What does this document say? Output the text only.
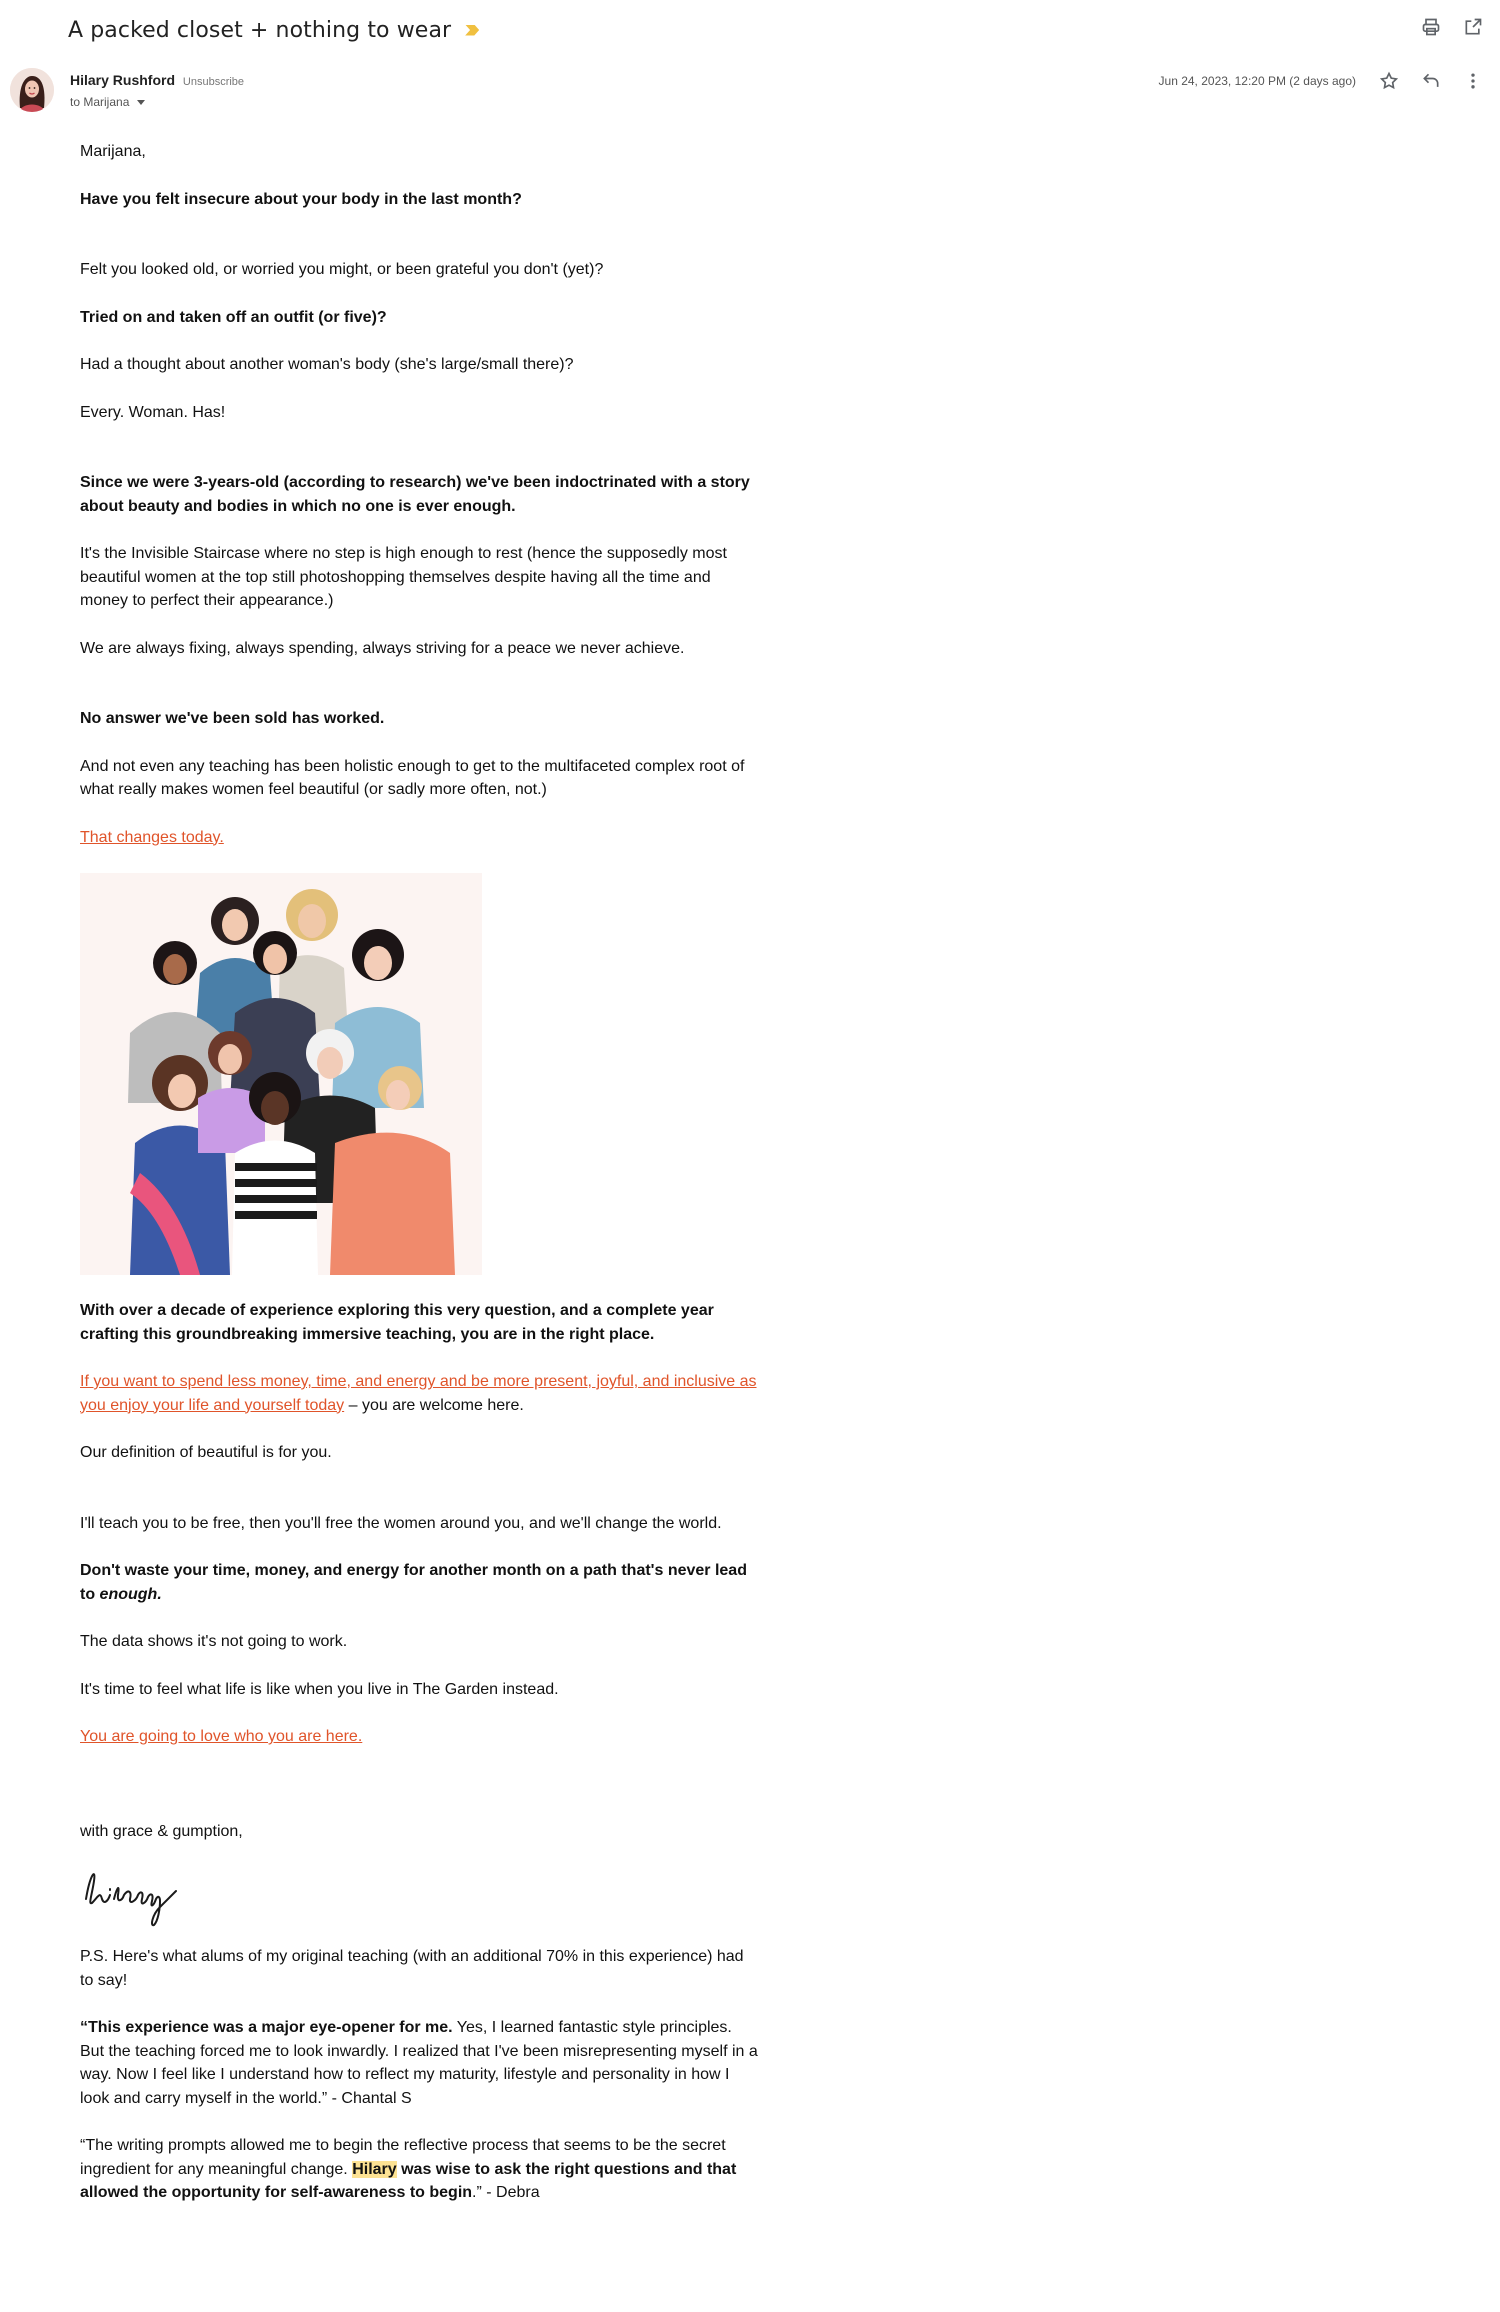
A packed closet + nothing to wear
Hilary Rushford Unsubscribe
to Marijana
Jun 24, 2023, 12:20 PM (2 days ago)

Marijana,

Have you felt insecure about your body in the last month?

Felt you looked old, or worried you might, or been grateful you don't (yet)?

Tried on and taken off an outfit (or five)?

Had a thought about another woman's body (she's large/small there)?

Every. Woman. Has!

Since we were 3-years-old (according to research) we've been indoctrinated with a story about beauty and bodies in which no one is ever enough.

It's the Invisible Staircase where no step is high enough to rest (hence the supposedly most beautiful women at the top still photoshopping themselves despite having all the time and money to perfect their appearance.)

We are always fixing, always spending, always striving for a peace we never achieve.

No answer we've been sold has worked.

And not even any teaching has been holistic enough to get to the multifaceted complex root of what really makes women feel beautiful (or sadly more often, not.)

That changes today.

With over a decade of experience exploring this very question, and a complete year crafting this groundbreaking immersive teaching, you are in the right place.

If you want to spend less money, time, and energy and be more present, joyful, and inclusive as you enjoy your life and yourself today – you are welcome here.

Our definition of beautiful is for you.

I'll teach you to be free, then you'll free the women around you, and we'll change the world.

Don't waste your time, money, and energy for another month on a path that's never lead to enough.

The data shows it's not going to work.

It's time to feel what life is like when you live in The Garden instead.

You are going to love who you are here.

with grace & gumption,

P.S. Here's what alums of my original teaching (with an additional 70% in this experience) had to say!

“This experience was a major eye-opener for me. Yes, I learned fantastic style principles. But the teaching forced me to look inwardly. I realized that I've been misrepresenting myself in a way. Now I feel like I understand how to reflect my maturity, lifestyle and personality in how I look and carry myself in the world.” - Chantal S

“The writing prompts allowed me to begin the reflective process that seems to be the secret ingredient for any meaningful change. Hilary was wise to ask the right questions and that allowed the opportunity for self-awareness to begin.” - Debra
